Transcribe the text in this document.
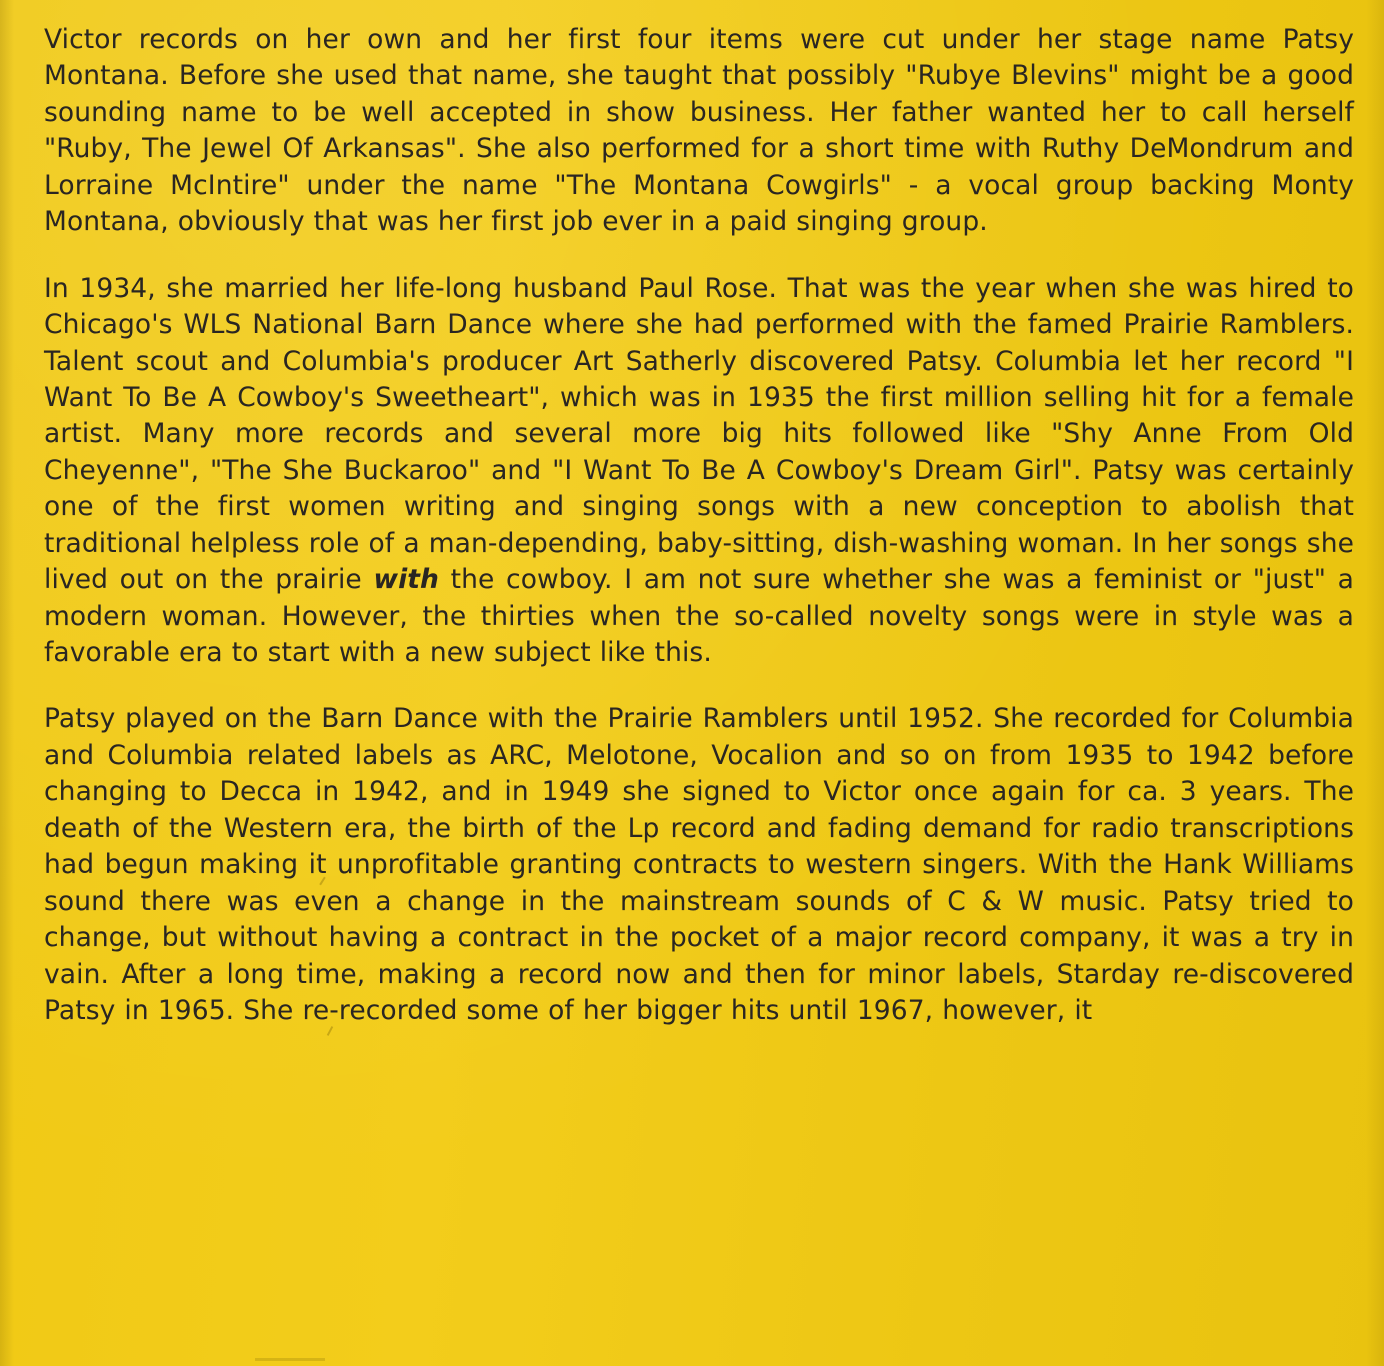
Victor records on her own and her first four items were cut under her stage name Patsy Montana. Before she used that name, she taught that possibly "Rubye Blevins" might be a good sounding name to be well accepted in show business. Her father wanted her to call herself "Ruby, The Jewel Of Arkansas". She also performed for a short time with Ruthy DeMondrum and Lorraine McIntire" under the name "The Montana Cowgirls" - a vocal group backing Monty Montana, obviously that was her first job ever in a paid singing group.

In 1934, she married her life-long husband Paul Rose. That was the year when she was hired to Chicago's WLS National Barn Dance where she had performed with the famed Prairie Ramblers. Talent scout and Columbia's producer Art Satherly discovered Patsy. Columbia let her record "I Want To Be A Cowboy's Sweetheart", which was in 1935 the first million selling hit for a female artist. Many more records and several more big hits followed like "Shy Anne From Old Cheyenne", "The She Buckaroo" and "I Want To Be A Cowboy's Dream Girl". Patsy was certainly one of the first women writing and singing songs with a new conception to abolish that traditional helpless role of a man-depending, baby-sitting, dish-washing woman. In her songs she lived out on the prairie with the cowboy. I am not sure whether she was a feminist or "just" a modern woman. However, the thirties when the so-called novelty songs were in style was a favorable era to start with a new subject like this.

Patsy played on the Barn Dance with the Prairie Ramblers until 1952. She recorded for Columbia and Columbia related labels as ARC, Melotone, Vocalion and so on from 1935 to 1942 before changing to Decca in 1942, and in 1949 she signed to Victor once again for ca. 3 years. The death of the Western era, the birth of the Lp record and fading demand for radio transcriptions had begun making it unprofitable granting contracts to western singers. With the Hank Williams sound there was even a change in the mainstream sounds of C & W music. Patsy tried to change, but without having a contract in the pocket of a major record company, it was a try in vain. After a long time, making a record now and then for minor labels, Starday re-discovered Patsy in 1965. She re-recorded some of her bigger hits until 1967, however, it
